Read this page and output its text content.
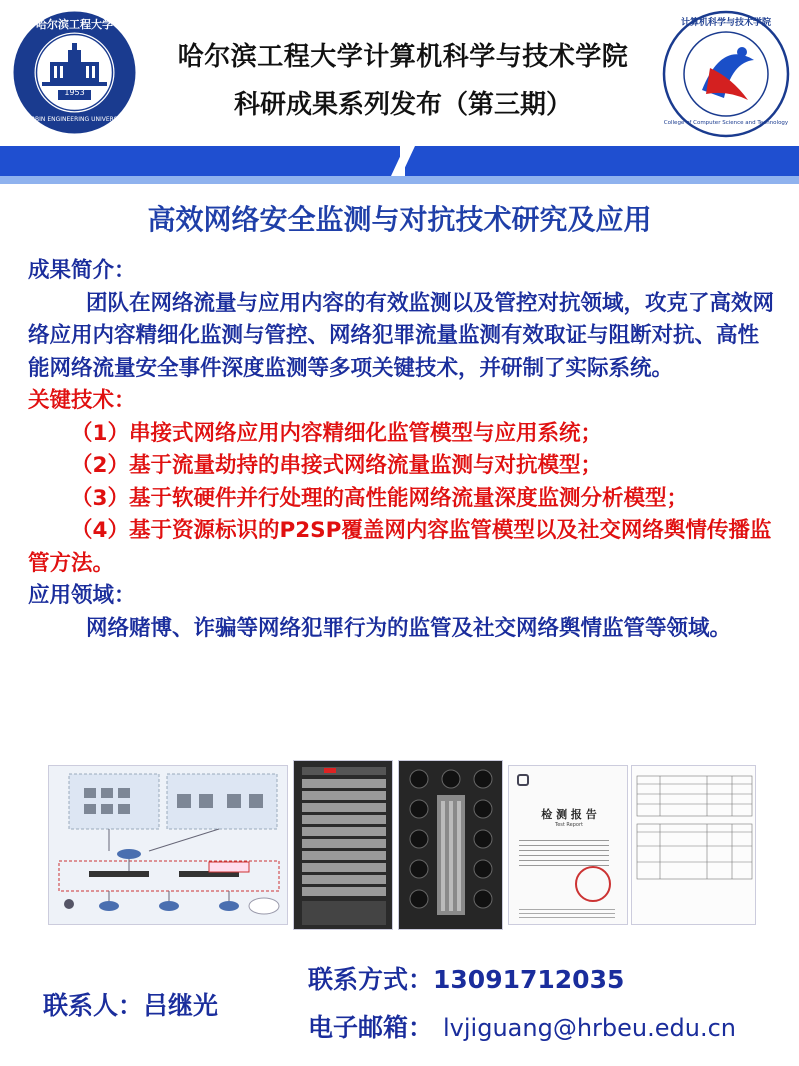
1953
哈尔滨工程大学
HARBIN ENGINEERING UNIVERSITY
哈尔滨工程大学计算机科学与技术学院
科研成果系列发布（第三期）
计算机科学与技术学院
College of Computer Science and Technology
高效网络安全监测与对抗技术研究及应用
成果简介：
团队在网络流量与应用内容的有效监测以及管控对抗领域，攻克了高效网络应用内容精细化监测与管控、网络犯罪流量监测有效取证与阻断对抗、高性能网络流量安全事件深度监测等多项关键技术，并研制了实际系统。
关键技术：
（1）串接式网络应用内容精细化监管模型与应用系统；
（2）基于流量劫持的串接式网络流量监测与对抗模型；
（3）基于软硬件并行处理的高性能网络流量深度监测分析模型；
（4）基于资源标识的P2SP覆盖网内容监管模型以及社交网络舆情传播监管方法。
应用领域：
网络赌博、诈骗等网络犯罪行为的监管及社交网络舆情监管等领域。
检 测 报 告
Test Report
联系人：吕继光
联系方式：13091712035
电子邮箱： lvjiguang@hrbeu.edu.cn
